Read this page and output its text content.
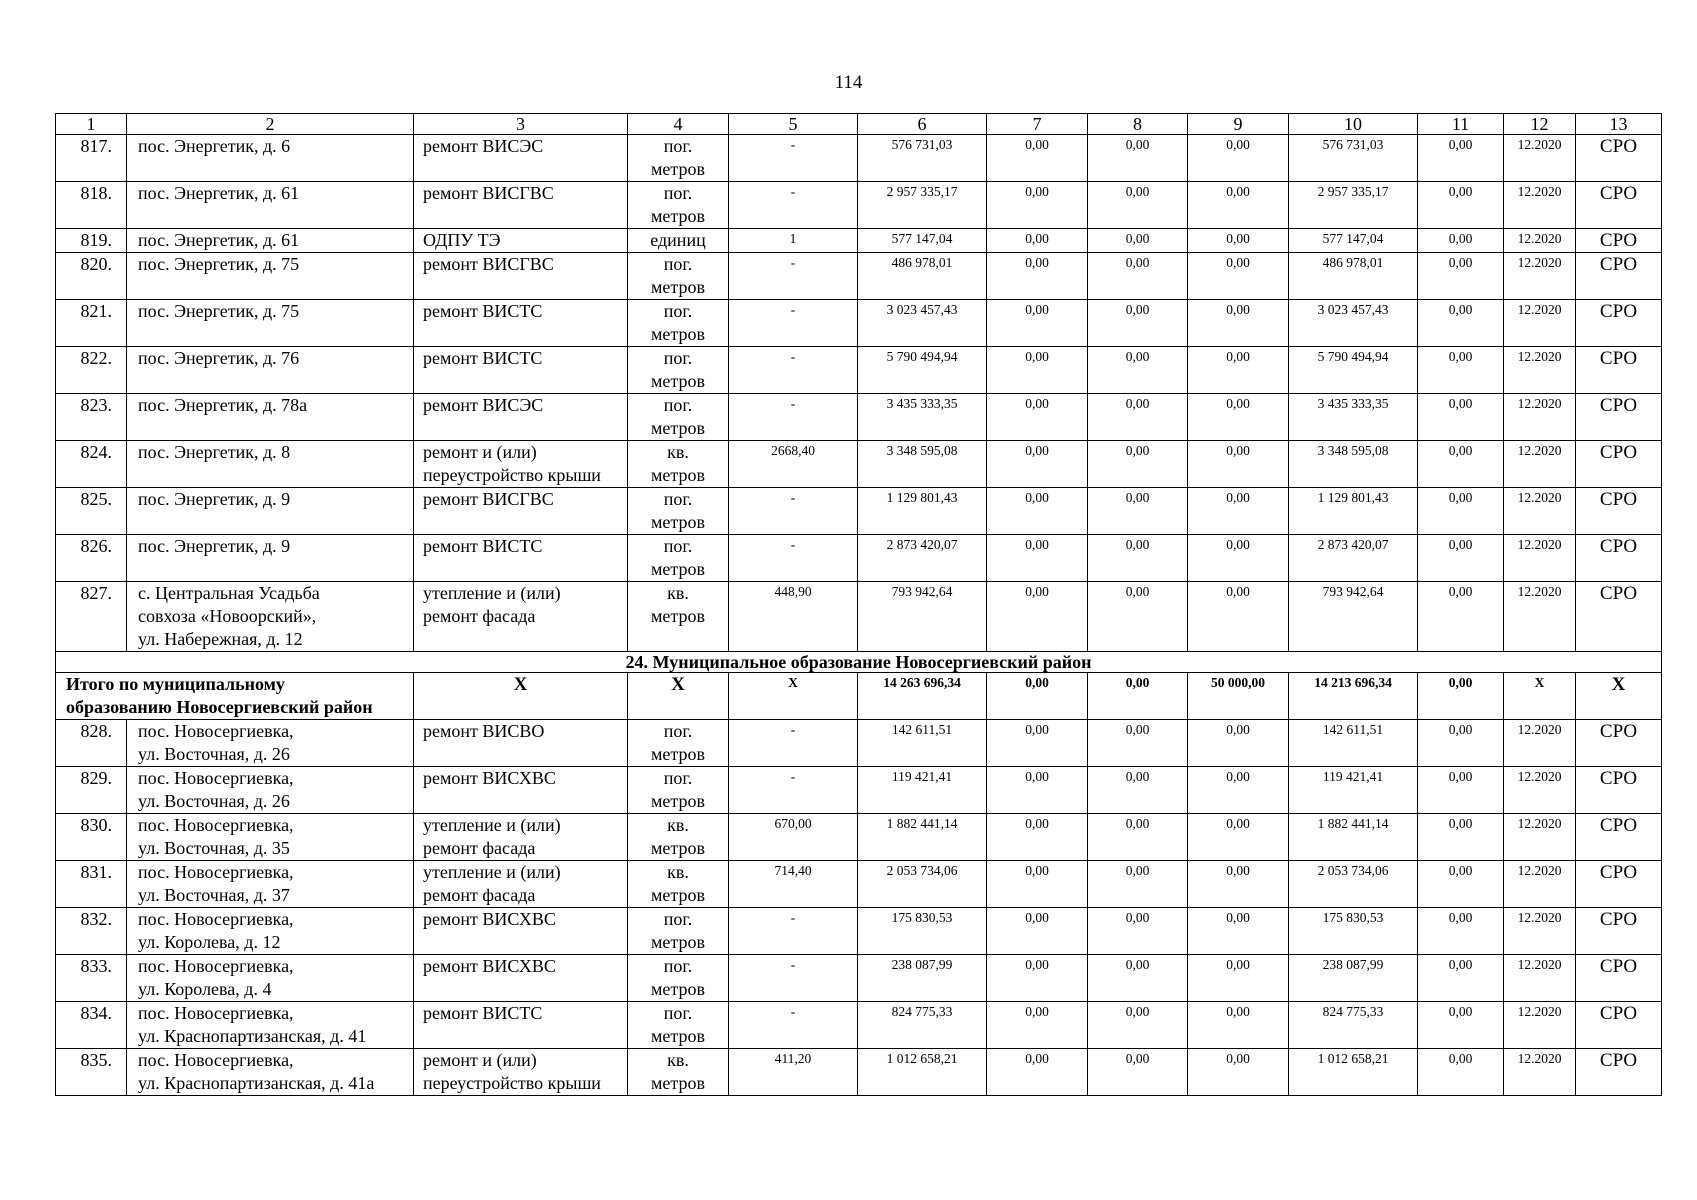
114
1	2	3	4	5	6	7	8	9	10	11	12	13
817.	пос. Энергетик, д. 6	ремонт ВИСЭС	пог.
метров	-	576 731,03	0,00	0,00	0,00	576 731,03	0,00	12.2020	СРО
818.	пос. Энергетик, д. 61	ремонт ВИСГВС	пог.
метров	-	2 957 335,17	0,00	0,00	0,00	2 957 335,17	0,00	12.2020	СРО
819.	пос. Энергетик, д. 61	ОДПУ ТЭ	единиц	1	577 147,04	0,00	0,00	0,00	577 147,04	0,00	12.2020	СРО
820.	пос. Энергетик, д. 75	ремонт ВИСГВС	пог.
метров	-	486 978,01	0,00	0,00	0,00	486 978,01	0,00	12.2020	СРО
821.	пос. Энергетик, д. 75	ремонт ВИСТС	пог.
метров	-	3 023 457,43	0,00	0,00	0,00	3 023 457,43	0,00	12.2020	СРО
822.	пос. Энергетик, д. 76	ремонт ВИСТС	пог.
метров	-	5 790 494,94	0,00	0,00	0,00	5 790 494,94	0,00	12.2020	СРО
823.	пос. Энергетик, д. 78а	ремонт ВИСЭС	пог.
метров	-	3 435 333,35	0,00	0,00	0,00	3 435 333,35	0,00	12.2020	СРО
824.	пос. Энергетик, д. 8	ремонт и (или)
переустройство крыши	кв.
метров	2668,40	3 348 595,08	0,00	0,00	0,00	3 348 595,08	0,00	12.2020	СРО
825.	пос. Энергетик, д. 9	ремонт ВИСГВС	пог.
метров	-	1 129 801,43	0,00	0,00	0,00	1 129 801,43	0,00	12.2020	СРО
826.	пос. Энергетик, д. 9	ремонт ВИСТС	пог.
метров	-	2 873 420,07	0,00	0,00	0,00	2 873 420,07	0,00	12.2020	СРО
827.	с. Центральная Усадьба
совхоза «Новоорский»,
ул. Набережная, д. 12	утепление и (или)
ремонт фасада	кв.
метров	448,90	793 942,64	0,00	0,00	0,00	793 942,64	0,00	12.2020	СРО
24. Муниципальное образование Новосергиевский район												
Итого по муниципальному
образованию Новосергиевский район		Х	Х	Х	14 263 696,34	0,00	0,00	50 000,00	14 213 696,34	0,00	Х	Х
828.	пос. Новосергиевка,
ул. Восточная, д. 26	ремонт ВИСВО	пог.
метров	-	142 611,51	0,00	0,00	0,00	142 611,51	0,00	12.2020	СРО
829.	пос. Новосергиевка,
ул. Восточная, д. 26	ремонт ВИСХВС	пог.
метров	-	119 421,41	0,00	0,00	0,00	119 421,41	0,00	12.2020	СРО
830.	пос. Новосергиевка,
ул. Восточная, д. 35	утепление и (или)
ремонт фасада	кв.
метров	670,00	1 882 441,14	0,00	0,00	0,00	1 882 441,14	0,00	12.2020	СРО
831.	пос. Новосергиевка,
ул. Восточная, д. 37	утепление и (или)
ремонт фасада	кв.
метров	714,40	2 053 734,06	0,00	0,00	0,00	2 053 734,06	0,00	12.2020	СРО
832.	пос. Новосергиевка,
ул. Королева, д. 12	ремонт ВИСХВС	пог.
метров	-	175 830,53	0,00	0,00	0,00	175 830,53	0,00	12.2020	СРО
833.	пос. Новосергиевка,
ул. Королева, д. 4	ремонт ВИСХВС	пог.
метров	-	238 087,99	0,00	0,00	0,00	238 087,99	0,00	12.2020	СРО
834.	пос. Новосергиевка,
ул. Краснопартизанская, д. 41	ремонт ВИСТС	пог.
метров	-	824 775,33	0,00	0,00	0,00	824 775,33	0,00	12.2020	СРО
835.	пос. Новосергиевка,
ул. Краснопартизанская, д. 41а	ремонт и (или)
переустройство крыши	кв.
метров	411,20	1 012 658,21	0,00	0,00	0,00	1 012 658,21	0,00	12.2020	СРО
